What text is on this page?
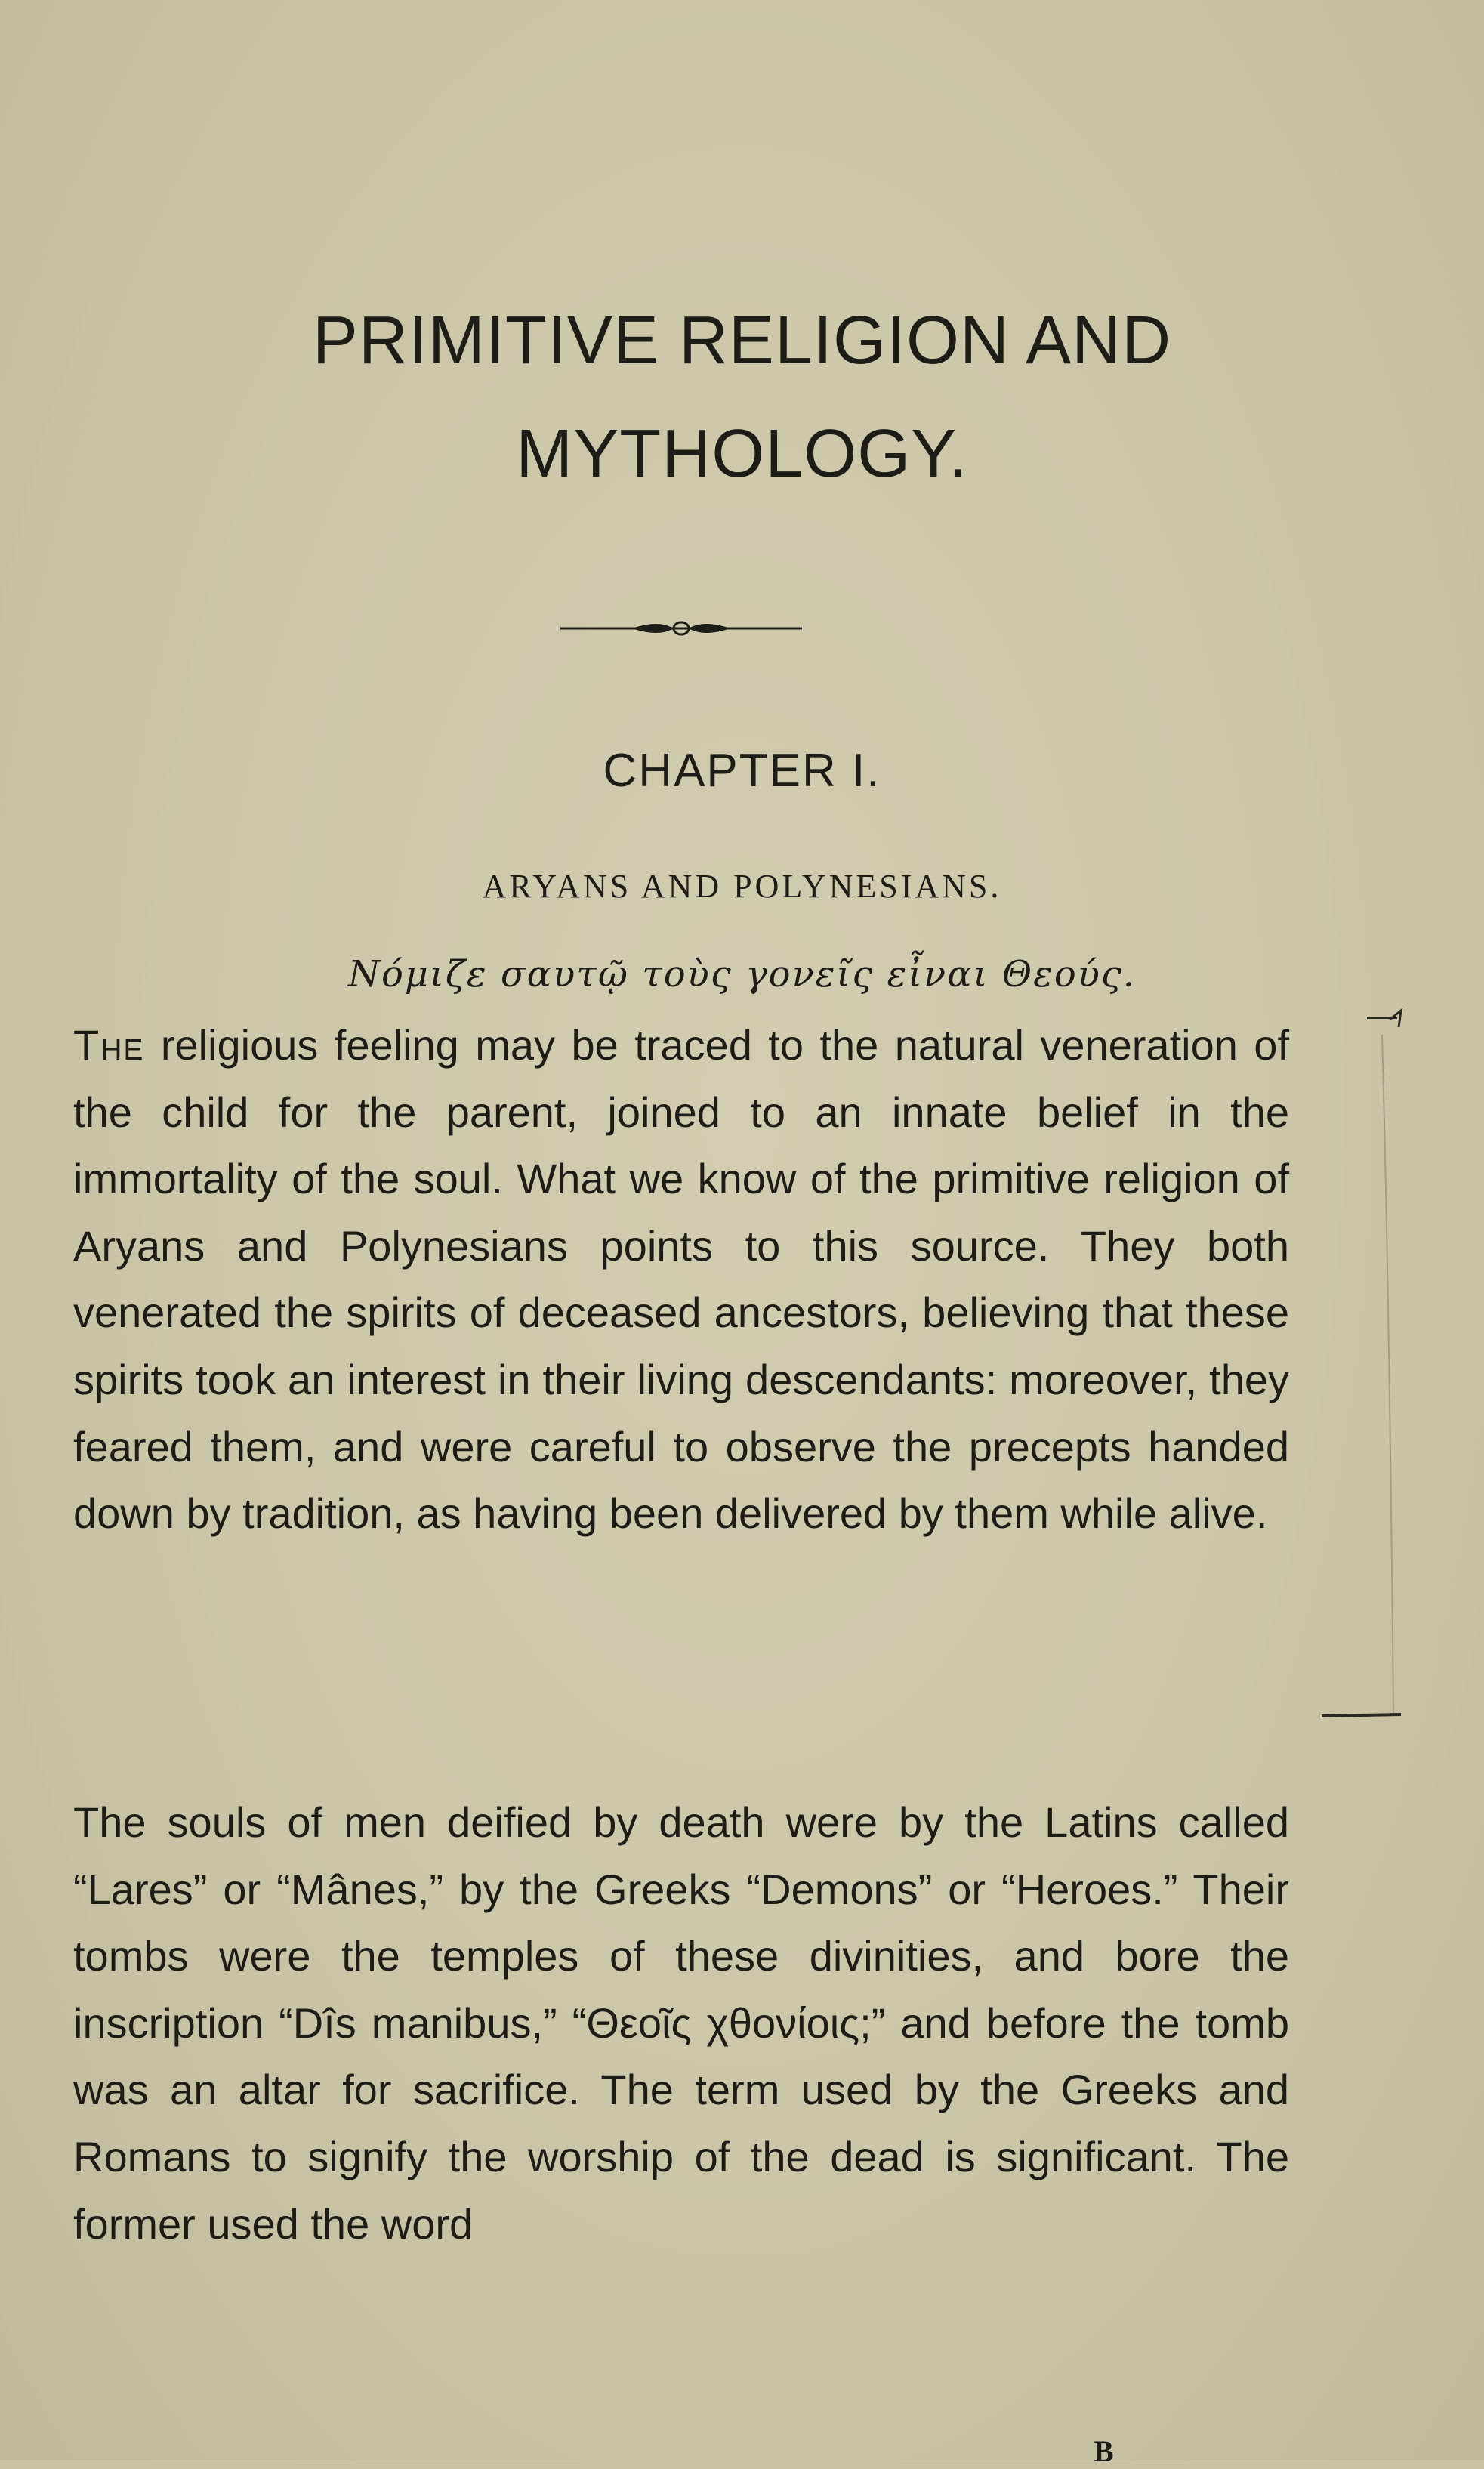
PRIMITIVE RELIGION AND
MYTHOLOGY.
CHAPTER I.
ARYANS AND POLYNESIANS.
Νόμιζε σαυτῷ τοὺς γονεῖς εἶναι Θεούς.

The religious feeling may be traced to the natural veneration of the child for the parent, joined to an innate belief in the immortality of the soul. What we know of the primitive religion of Aryans and Polynesians points to this source. They both venerated the spirits of deceased ancestors, believing that these spirits took an interest in their living descendants: moreover, they feared them, and were careful to observe the precepts handed down by tradition, as having been delivered by them while alive.

The souls of men deified by death were by the Latins called “Lares” or “Mânes,” by the Greeks “Demons” or “Heroes.” Their tombs were the temples of these divinities, and bore the inscription “Dîs manibus,” “Θεοῖς χθονίοις;” and before the tomb was an altar for sacrifice. The term used by the Greeks and Romans to signify the worship of the dead is significant. The former used the word

B
